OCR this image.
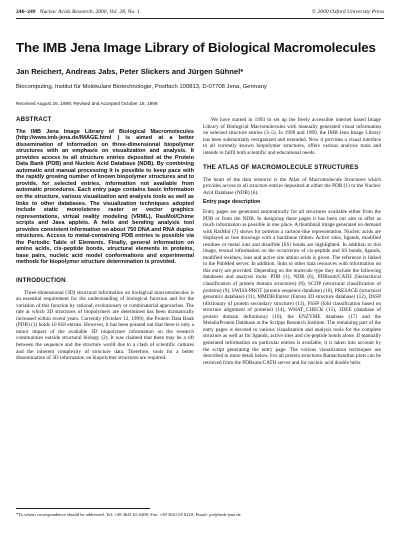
246–249 Nucleic Acids Research, 2000, Vol. 28, No. 1	© 2000 Oxford University Press
The IMB Jena Image Library of Biological Macromolecules
Jan Reichert, Andreas Jabs, Peter Slickers and Jürgen Sühnel*
Biocomputing, Institut für Molekulare Biotechnologie, Postfach 100813, D-07708 Jena, Germany
Received August 26, 1999; Revised and Accepted October 18, 1999
ABSTRACT

The IMB Jena Image Library of Biological Macromolecules (http://www.imb-jena.de/IMAGE.html ) is aimed at a better dissemination of information on three-dimensional biopolymer structures with an emphasis on visualization and analysis. It provides access to all structure entries deposited at the Protein Data Bank (PDB) and Nucleic Acid Database (NDB). By combining automatic and manual processing it is possible to keep pace with the rapidly growing number of known biopolymer structures and to provide, for selected entries, information not available from automatic procedures. Each entry page contains basic information on the structure, various visualization and analysis tools as well as links to other databases. The visualization techniques adopted include static mono/stereo raster or vector graphics representations, virtual reality modeling (VRML), RasMol/Chime scripts and Java applets. A helix and bending analysis tool provides consistent information on about 750 DNA and RNA duplex structures. Access to metal-containing PDB entries is possible via the Periodic Table of Elements. Finally, general information on amino acids, cis-peptide bonds, structural elements in proteins, base pairs, nucleic acid model conformations and experimental methods for biopolymer structure determination is provided.

INTRODUCTION

Three-dimensional (3D) structural information on biological macromolecules is an essential requirement for the understanding of biological function and for the variation of this function by rational, evolutionary or combinatorial approaches. The rate at which 3D structures of biopolymers are determined has been dramatically increased within recent years. Currently (October 12, 1999), the Protein Data Bank (PDB) (1) holds 10 858 entries. However, it has been pointed out that there is only a minor impact of the available 3D biopolymer information on the research communities outside structural biology (2). It was claimed that there may be a rift between the sequence and the structure world due to a clash of scientific cultures and the inherent complexity of structure data. Therefore, tools for a better dissemination of 3D information on biopolymer structures are required.

We have started in 1993 to set up the freely accessible internet based Image Library of Biological Macromolecules with manually generated visual information on selected structure entries (3–5). In 1998 and 1999, the IMB Jena Image Library has been substantially reorganized and extended. Now it provides a visual interface to all currently known biopolymer structures, offers various analysis tools and intends to fulfil both scientific and educational needs.

THE ATLAS OF MACROMOLECULE STRUCTURES

The heart of the data resource is the Atlas of Macromolecule Structures which provides access to all structure entries deposited at either the PDB (1) or the Nucleic Acid Database (NDB) (6).

Entry page description

Entry pages are generated automatically for all structures available either from the PDB or from the NDB. In designing these pages it has been our aim to offer as much information as possible in one place. A thumbnail image generated on demand with RasMol (7) shows for proteins a cartoon-like representation. Nucleic acids are displayed as line drawings with a backbone ribbon. Active sites, ligands, modified residues or metal ions and disulfide (SS) bonds are highlighted. In addition to this image, textual information on the occurrence of cis-peptide and SS bonds, ligands, modified residues, ions and active site amino acids is given. The reference is linked to the PubMed server. In addition, links to other data resources with information on this entry are provided. Depending on the molecule type they include the following databases and analysis tools: PDB (1), NDB (6), PDBsum/CATH (hierarchical classification of protein domain structures) (8), SCOP (structural classification of proteins) (9), SWISS-PROT (protein sequence database) (10), PRESAGE (structural genomics database) (11), MMDB/Entrez (Entrez 3D structure database) (12), DSSP (dictionary of protein secondary structure) (13), FSSP (fold classification based on structure alignment of proteins) (14), WHAT_CHECK (15), 3DEE (database of protein domain definitions) (16), the ENZYME database (17) and the MetalloProtein Database at the Scripps Research Institute. The remaining part of the entry pages is devoted to various visualization and analysis tools for the complete structure as well as for ligands, active sites and cis-peptide bonds alone. If manually generated information on particular entries is available, it is taken into account by the script generating the entry page. The various visualization techniques are described in more detail below. For all protein structures Ramachandran plots can be retrieved from the PDBsum/CATH server and for nucleic acid double helix

*To whom correspondence should be addressed. Tel: +49 3641 65 6200; Fax: +49 3641 65 6210; Email: joe@imb-jena.de
